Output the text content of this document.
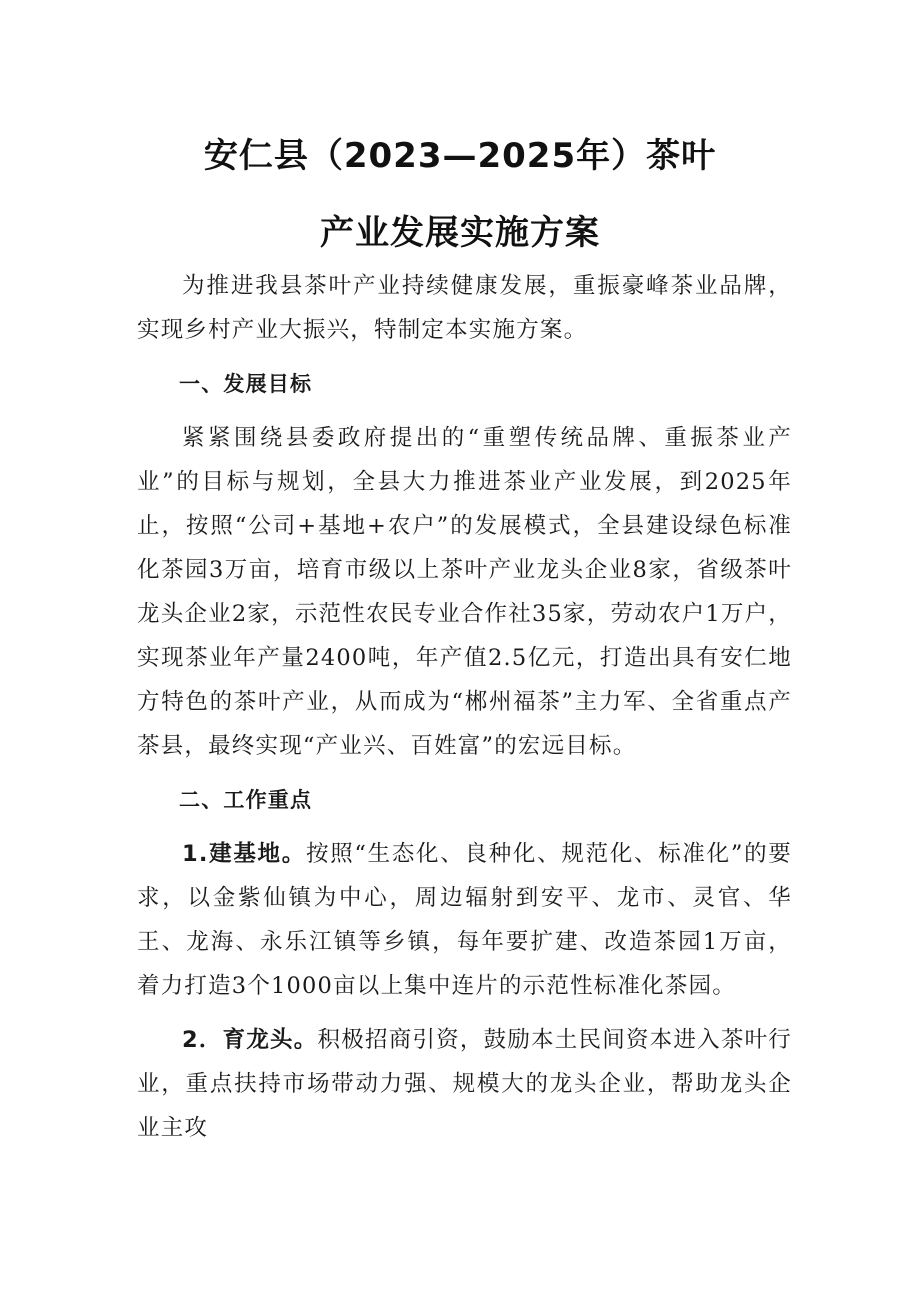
安仁县（2023—2025年）茶叶
产业发展实施方案

为推进我县茶叶产业持续健康发展，重振豪峰茶业品牌，实现乡村产业大振兴，特制定本实施方案。

一、发展目标

紧紧围绕县委政府提出的“重塑传统品牌、重振茶业产业”的目标与规划，全县大力推进茶业产业发展，到2025年止，按照“公司+基地+农户”的发展模式，全县建设绿色标准化茶园3万亩，培育市级以上茶叶产业龙头企业8家，省级茶叶龙头企业2家，示范性农民专业合作社35家，劳动农户1万户，实现茶业年产量2400吨，年产值2.5亿元，打造出具有安仁地方特色的茶叶产业，从而成为“郴州福茶”主力军、全省重点产茶县，最终实现“产业兴、百姓富”的宏远目标。

二、工作重点

1.建基地。按照“生态化、良种化、规范化、标准化”的要求，以金紫仙镇为中心，周边辐射到安平、龙市、灵官、华王、龙海、永乐江镇等乡镇，每年要扩建、改造茶园1万亩，着力打造3个1000亩以上集中连片的示范性标准化茶园。

2．育龙头。积极招商引资，鼓励本土民间资本进入茶叶行业，重点扶持市场带动力强、规模大的龙头企业，帮助龙头企业主攻
